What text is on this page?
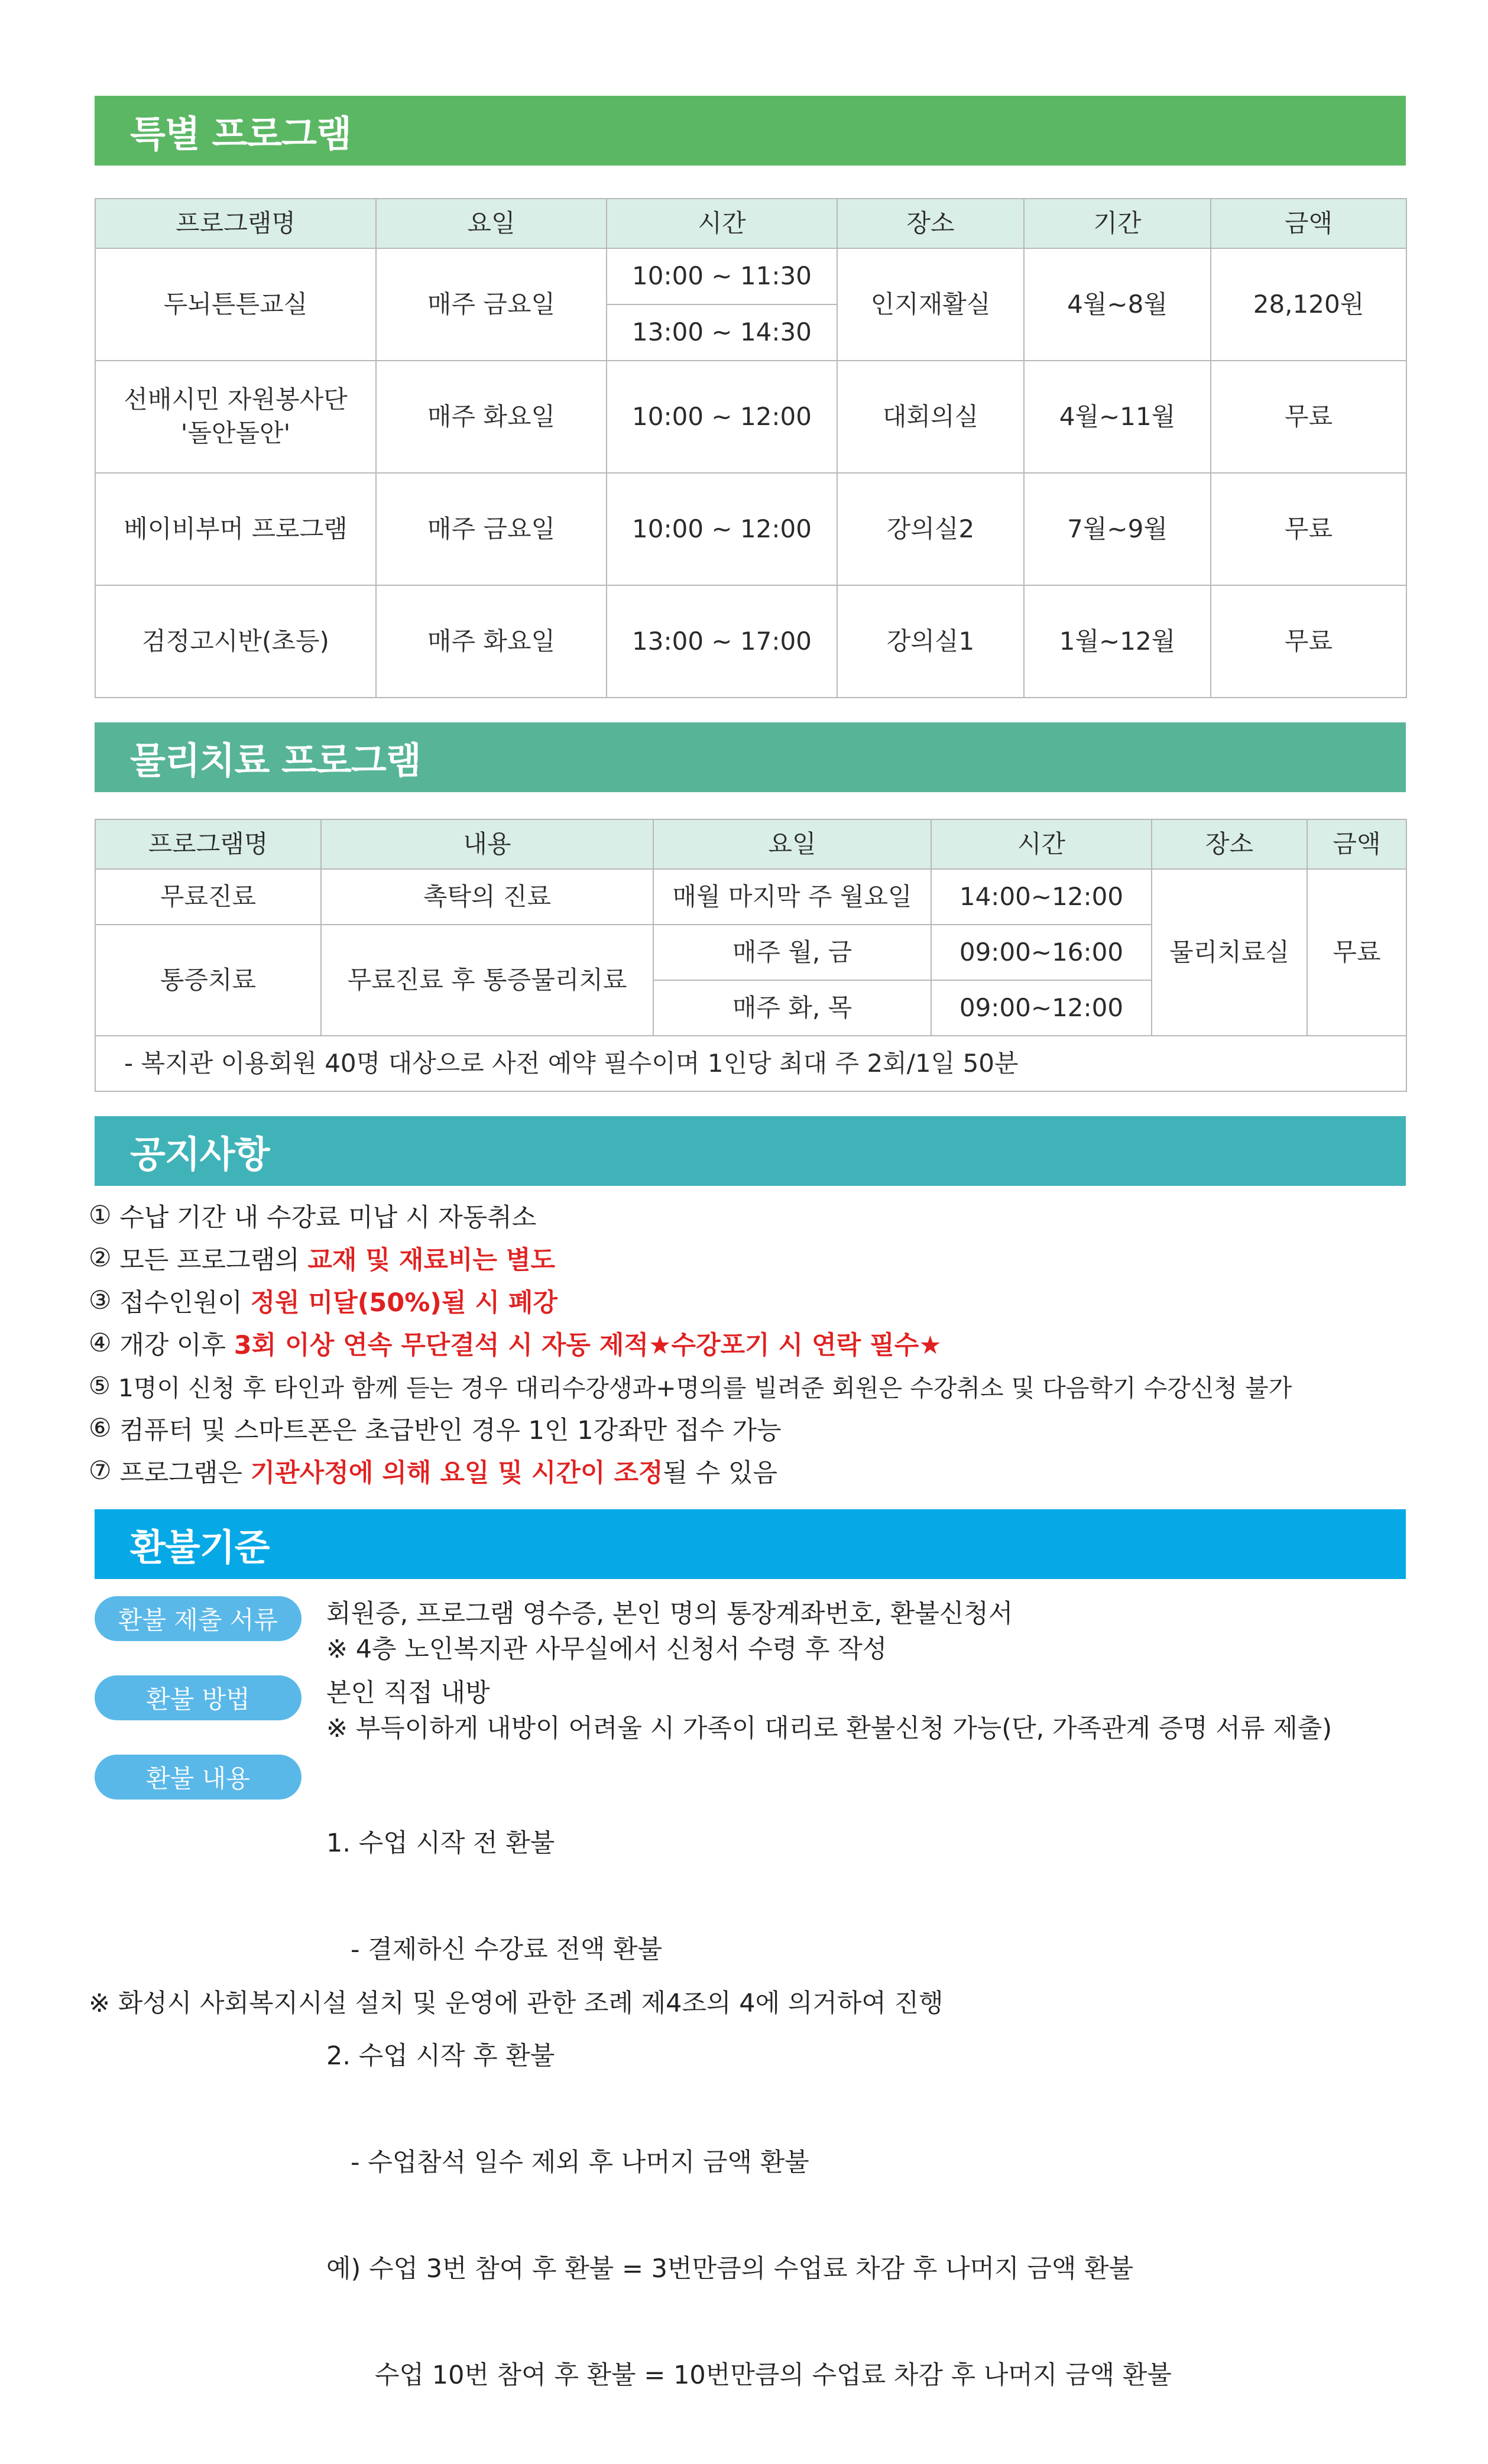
특별 프로그램
프로그램명	요일	시간	장소	기간	금액
두뇌튼튼교실	매주 금요일	10:00 ~ 11:30	인지재활실	4월~8월	28,120원
		13:00 ~ 14:30			
선배시민 자원봉사단 '돌안돌안'	매주 화요일	10:00 ~ 12:00	대회의실	4월~11월	무료
베이비부머 프로그램	매주 금요일	10:00 ~ 12:00	강의실2	7월~9월	무료
검정고시반(초등)	매주 화요일	13:00 ~ 17:00	강의실1	1월~12월	무료
물리치료 프로그램
프로그램명	내용	요일	시간	장소	금액
무료진료	촉탁의 진료	매월 마지막 주 월요일	14:00~12:00	물리치료실	무료
통증치료	무료진료 후 통증물리치료	매주 월, 금	09:00~16:00		
		매주 화, 목	09:00~12:00		
- 복지관 이용회원 40명 대상으로 사전 예약 필수이며 1인당 최대 주 2회/1일 50분					
공지사항
①
수납 기간 내 수강료 미납 시 자동취소
②
모든 프로그램의
교재 및 재료비는 별도
③
접수인원이
정원 미달(50%)될 시 폐강
④
개강 이후
3회 이상 연속 무단결석 시 자동 제적★수강포기 시 연락 필수★
⑤
1명이 신청 후 타인과 함께 듣는 경우 대리수강생과+명의를 빌려준 회원은 수강취소 및 다음학기 수강신청 불가
⑥
컴퓨터 및 스마트폰은 초급반인 경우 1인 1강좌만 접수 가능
⑦
프로그램은
기관사정에 의해 요일 및 시간이 조정 될 수 있음
환불기준
환불 제출 서류	회원증, 프로그램 영수증, 본인 명의 통장계좌번호, 환불신청서
※ 4층 노인복지관 사무실에서 신청서 수령 후 작성
환불 방법	본인 직접 내방
※ 부득이하게 내방이 어려울 시 가족이 대리로 환불신청 가능(단, 가족관계 증명 서류 제출)
환불 내용

1. 수업 시작 전 환불

- 결제하신 수강료 전액 환불

2. 수업 시작 후 환불

- 수업참석 일수 제외 후 나머지 금액 환불

예) 수업 3번 참여 후 환불 = 3번만큼의 수업료 차감 후 나머지 금액 환불

수업 10번 참여 후 환불 = 10번만큼의 수업료 차감 후 나머지 금액 환불

※ 화성시 사회복지시설 설치 및 운영에 관한 조례 제4조의 4에 의거하여 진행
